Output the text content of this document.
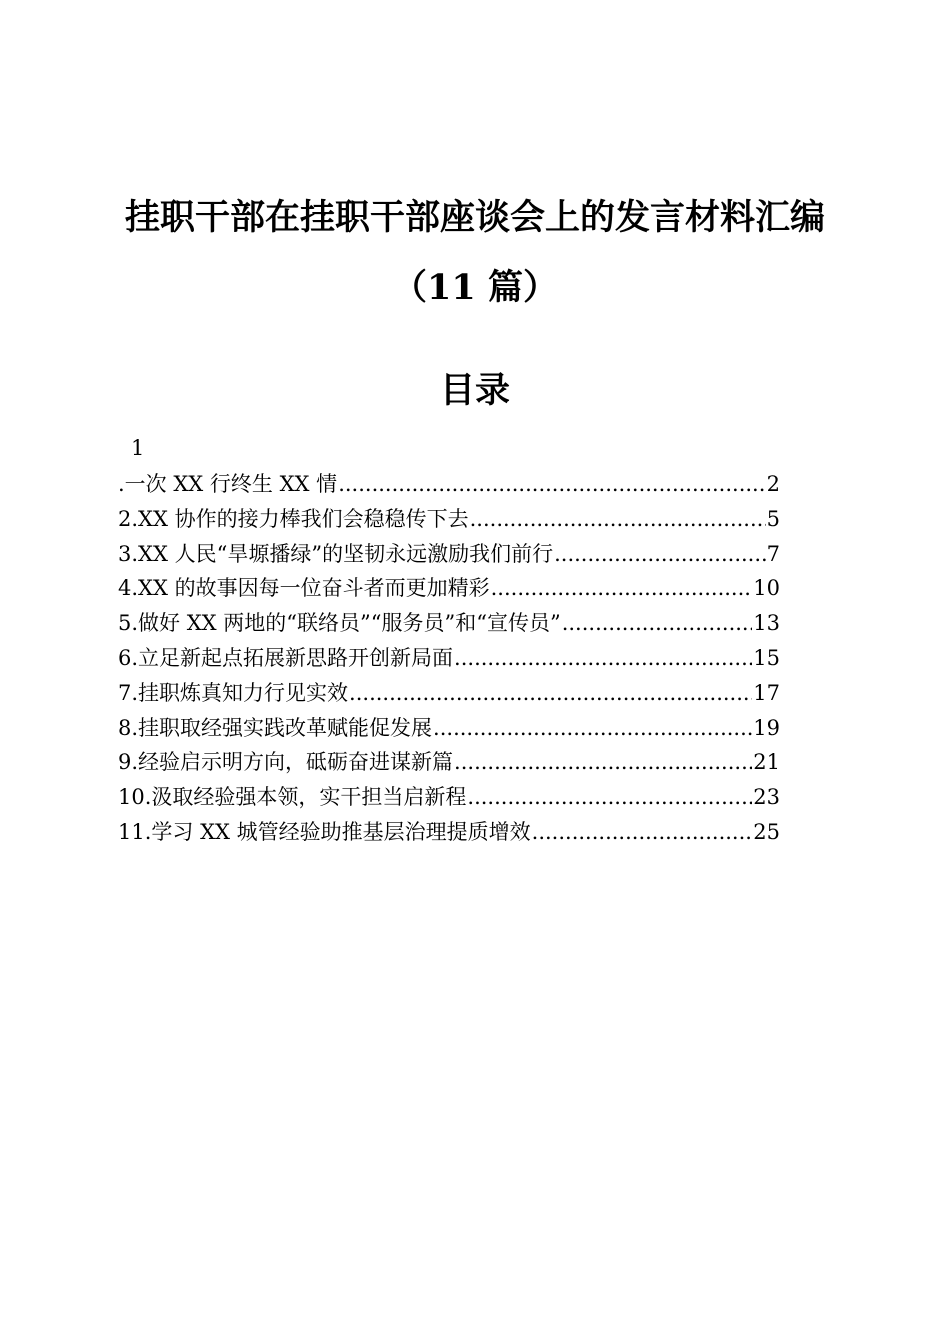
挂职干部在挂职干部座谈会上的发言材料汇编
（11 篇）
目录
1
.一次 XX 行终生 XX 情 .....	2
2.XX 协作的接力棒我们会稳稳传下去 .....	5
3.XX 人民“旱塬播绿”的坚韧永远激励我们前行 .....	7
4.XX 的故事因每一位奋斗者而更加精彩 .....	10
5.做好 XX 两地的“联络员”“服务员”和“宣传员” .....	13
6.立足新起点拓展新思路开创新局面 .....	15
7.挂职炼真知力行见实效 .....	17
8.挂职取经强实践改革赋能促发展 .....	19
9.经验启示明方向，砥砺奋进谋新篇 .....	21
10.汲取经验强本领，实干担当启新程 .....	23
11.学习 XX 城管经验助推基层治理提质增效 .....	25
